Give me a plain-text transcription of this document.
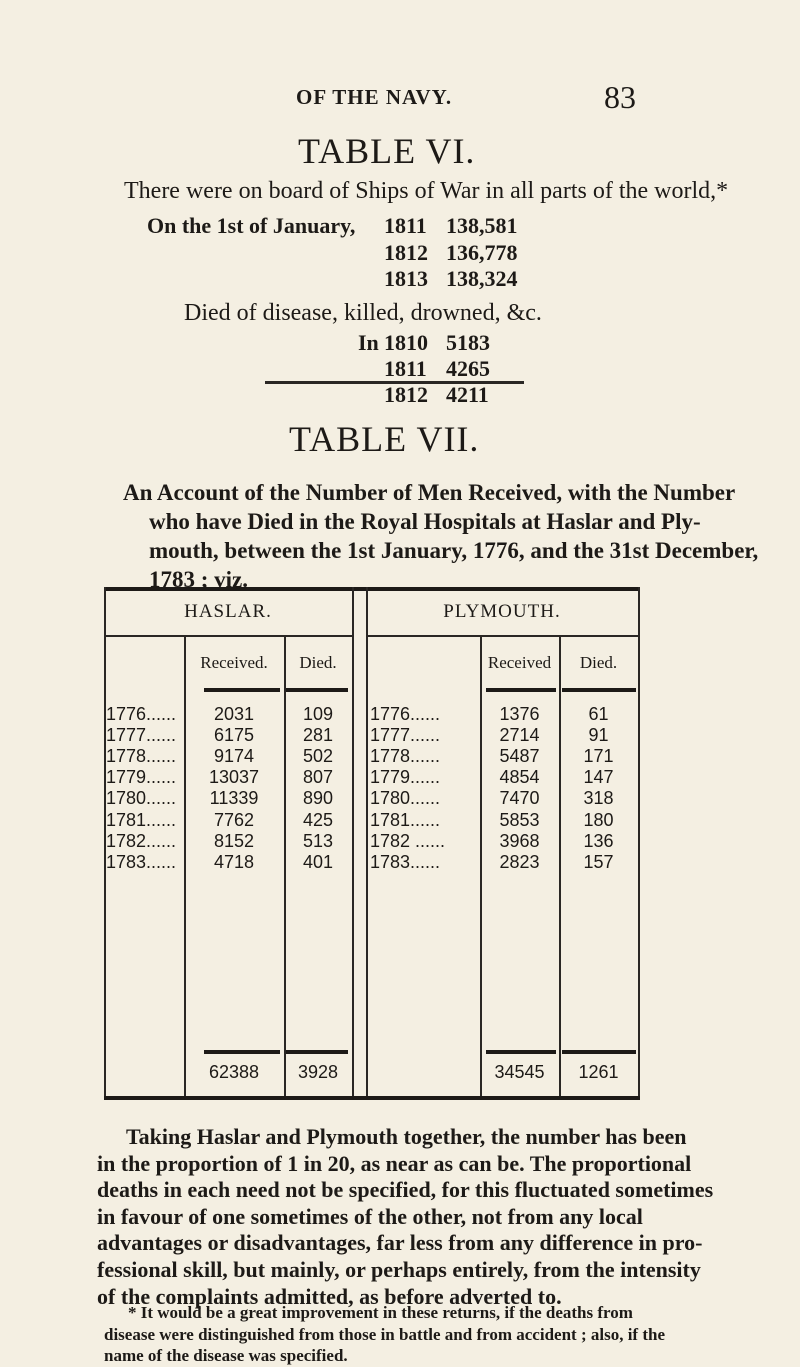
OF THE NAVY.	83
TABLE VI.
There were on board of Ships of War in all parts of the world,*
On the 1st of January, 1811 138,581
1812 136,778
1813 138,324
Died of disease, killed, drowned, &c.
In 1810 5183
1811 4265
1812 4211
TABLE VII.
An Account of the Number of Men Received, with the Number
who have Died in the Royal Hospitals at Haslar and Ply-
mouth, between the 1st January, 1776, and the 31st December,
1783 ; viz.
HASLAR.	PLYMOUTH.
Received.	Died.	Received	Died.
1776......	2031	109	1776......	1376	61
1777......	6175	281	1777......	2714	91
1778......	9174	502	1778......	5487	171
1779......	13037	807	1779......	4854	147
1780......	11339	890	1780......	7470	318
1781......	7762	425	1781......	5853	180
1782......	8152	513	1782 ......	3968	136
1783......	4718	401	1783......	2823	157
62388	3928	34545	1261
Taking Haslar and Plymouth together, the number has been
in the proportion of 1 in 20, as near as can be. The proportional
deaths in each need not be specified, for this fluctuated sometimes
in favour of one sometimes of the other, not from any local
advantages or disadvantages, far less from any difference in pro-
fessional skill, but mainly, or perhaps entirely, from the intensity
of the complaints admitted, as before adverted to.
* It would be a great improvement in these returns, if the deaths from
disease were distinguished from those in battle and from accident ; also, if the
name of the disease was specified.
